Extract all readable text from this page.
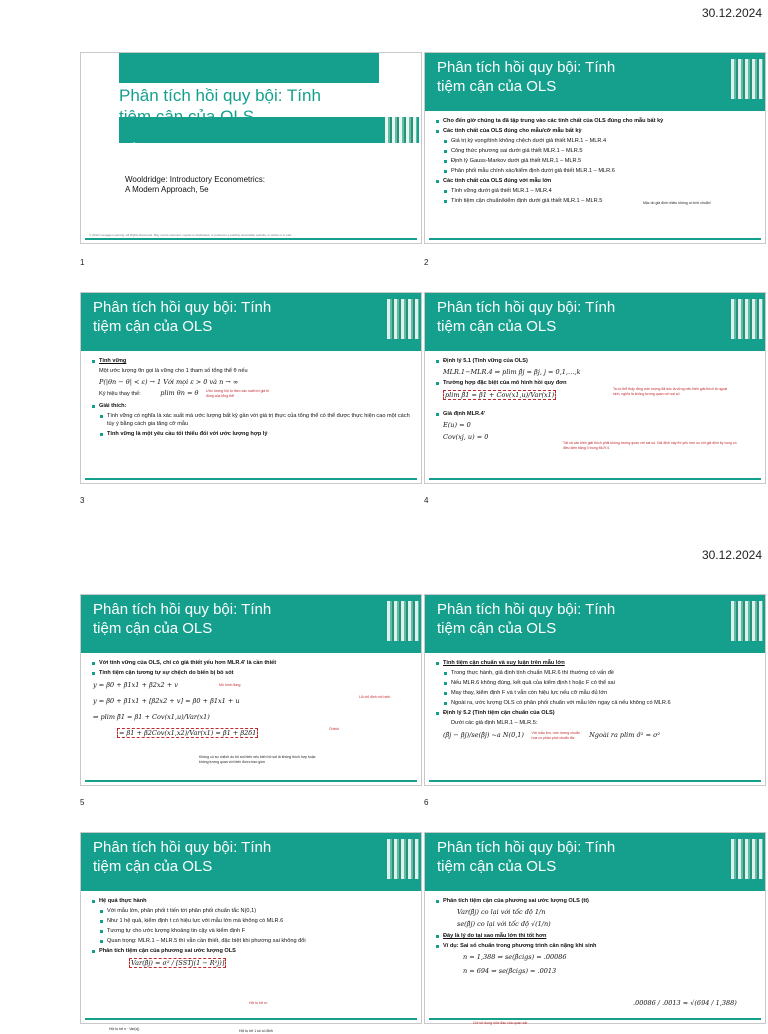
30.12.2024
30.12.2024
Phân tích hồi quy bội: Tính
Chương 5
Wooldridge: Introductory Econometrics:
A Modern Approach, 5e
© 2013 Cengage Learning. All Rights Reserved. May not be scanned, copied or duplicated, or posted to a publicly accessible website, in whole or in part.
1
Phân tích hồi quy bội: Tính
tiệm cận của OLS
Cho đến giờ chúng ta đã tập trung vào các tính chất của OLS đúng cho mẫu bất kỳ
Các tính chất của OLS đúng cho mẫu/cỡ mẫu bất kỳ
Giá trị kỳ vọng/tính không chệch dưới giả thiết MLR.1 – MLR.4
Công thức phương sai dưới giả thiết MLR.1 – MLR.5
Định lý Gauss-Markov dưới giả thiết MLR.1 – MLR.5
Phân phối mẫu chính xác/kiểm định dưới giả thiết MLR.1 – MLR.6
Các tính chất của OLS đúng với mẫu lớn
Tính vững dưới giả thiết MLR.1 – MLR.4
Tính tiệm cận chuẩn/kiểm định dưới giả thiết MLR.1 – MLR.5	Mặc dù giả định nhiều không có tính chuẩn!
2
Phân tích hồi quy bội: Tính
tiệm cận của OLS
Tính vững
Một ước lượng θn gọi là vững cho 1 tham số tổng thể θ nếu
P(|θn − θ| < ε) → 1 Với mọi ε > 0 và n → ∞
Ký hiệu thay thế:	plim θn = θ Ước lượng hội tụ theo xác suất tới giá trị đúng của tổng thể
Giải thích:
Tính vững có nghĩa là xác suất mà ước lượng bất kỳ gần với giá trị thực của tổng thể có thể được thực hiện cao một cách tùy ý bằng cách gia tăng cỡ mẫu
Tính vững là một yêu cầu tối thiểu đối với ước lượng hợp lý
3
Phân tích hồi quy bội: Tính
tiệm cận của OLS
Định lý 5.1 (Tính vững của OLS)
MLR.1−MLR.4 ⇒ plim β̂j = βj, j = 0,1,…,k
Trường hợp đặc biệt của mô hình hồi quy đơn
plim β̂1 = β1 + Cov(x1,u)/Var(x1)
Ta có thể thấy rằng ước lượng đã dốc là vững nếu biến giải thích là ngoại sinh, nghĩa là không tương quan với sai số.
Giả định MLR.4'
E(u) = 0
Cov(xj, u) = 0
Tất cả các biến giải thích phải không tương quan với sai số. Giả định này thì yếu hơn so với giả định kỳ vọng có điều kiện bằng 0 trong MLR.4.
4
Phân tích hồi quy bội: Tính
tiệm cận của OLS
Với tính vững của OLS, chỉ có giả thiết yếu hơn MLR.4' là cần thiết
Tính tiệm cận tương tự sự chệch do biến bị bỏ sót
y = β0 + β1x1 + β2x2 + v
y = β0 + β1x1 + [β2x2 + v] = β0 + β1x1 + u
⇒ plim β̃1 = β1 + Cov(x1,u)/Var(x1)
= β1 + β2Cov(x1,x2)/Var(x1) = β1 + β2δ1
Mô hình đúng
Lỗi chỉ định mô hình
Chệch
Không có sự chệch do bỏ sót biến nếu biến bỏ sót là không thích hợp hoặc không tương quan với biến được bao gồm
5
Phân tích hồi quy bội: Tính
tiệm cận của OLS
Tính tiệm cận chuẩn và suy luận trên mẫu lớn
Trong thực hành, giả định tính chuẩn MLR.6 thì thường có vấn đề
Nếu MLR.6 không đúng, kết quả của kiểm định t hoặc F có thể sai
May thay, kiểm định F và t vẫn còn hiệu lực nếu cỡ mẫu đủ lớn
Ngoài ra, ước lượng OLS có phân phối chuẩn với mẫu lớn ngay cả nếu không có MLR.6
Định lý 5.2 (Tính tiệm cận chuẩn của OLS)
Dưới các giả định MLR.1 – MLR.5:
(β̂j − βj)/se(β̂j) ~a N(0,1) Với mẫu lớn, ước lượng chuẩn hóa có phân phối chuẩn tắc Ngoài ra plim σ̂² = σ²
6
Phân tích hồi quy bội: Tính
tiệm cận của OLS
Hệ quả thực hành
Với mẫu lớn, phân phối t tiến tới phân phối chuẩn tắc N(0,1)
Như 1 hệ quả, kiểm định t có hiệu lực với mẫu lớn mà không có MLR.6
Tương tự cho ước lượng khoảng tin cậy và kiểm định F
Quan trọng: MLR.1 – MLR.5 thì vẫn cần thiết, đặc biệt khi phương sai không đổi
Phân tích tiệm cận của phương sai ước lượng OLS
Var(β̂j) = σ² / [SSTj(1 − R²j)]
Hội tụ tới σ²
Hội tụ tới n · Var(xj)	Hội tụ tới 1 số cố định
Phân tích hồi quy bội: Tính
tiệm cận của OLS
Phân tích tiệm cận của phương sai ước lượng OLS (tt)
Var(β̂j) co lại với tốc độ 1/n
se(β̂j) co lại với tốc độ √(1/n)
Đây là lý do tại sao mẫu lớn thì tốt hơn
Ví dụ: Sai số chuẩn trong phương trình cân nặng khi sinh
n = 1,388 ⇒ se(β̂cigs) = .00086
n = 694 ⇒ se(β̂cigs) = .0013
.00086 / .0013 ≈ √(694 / 1,388)
Chỉ sử dụng nửa đầu của quan sát
